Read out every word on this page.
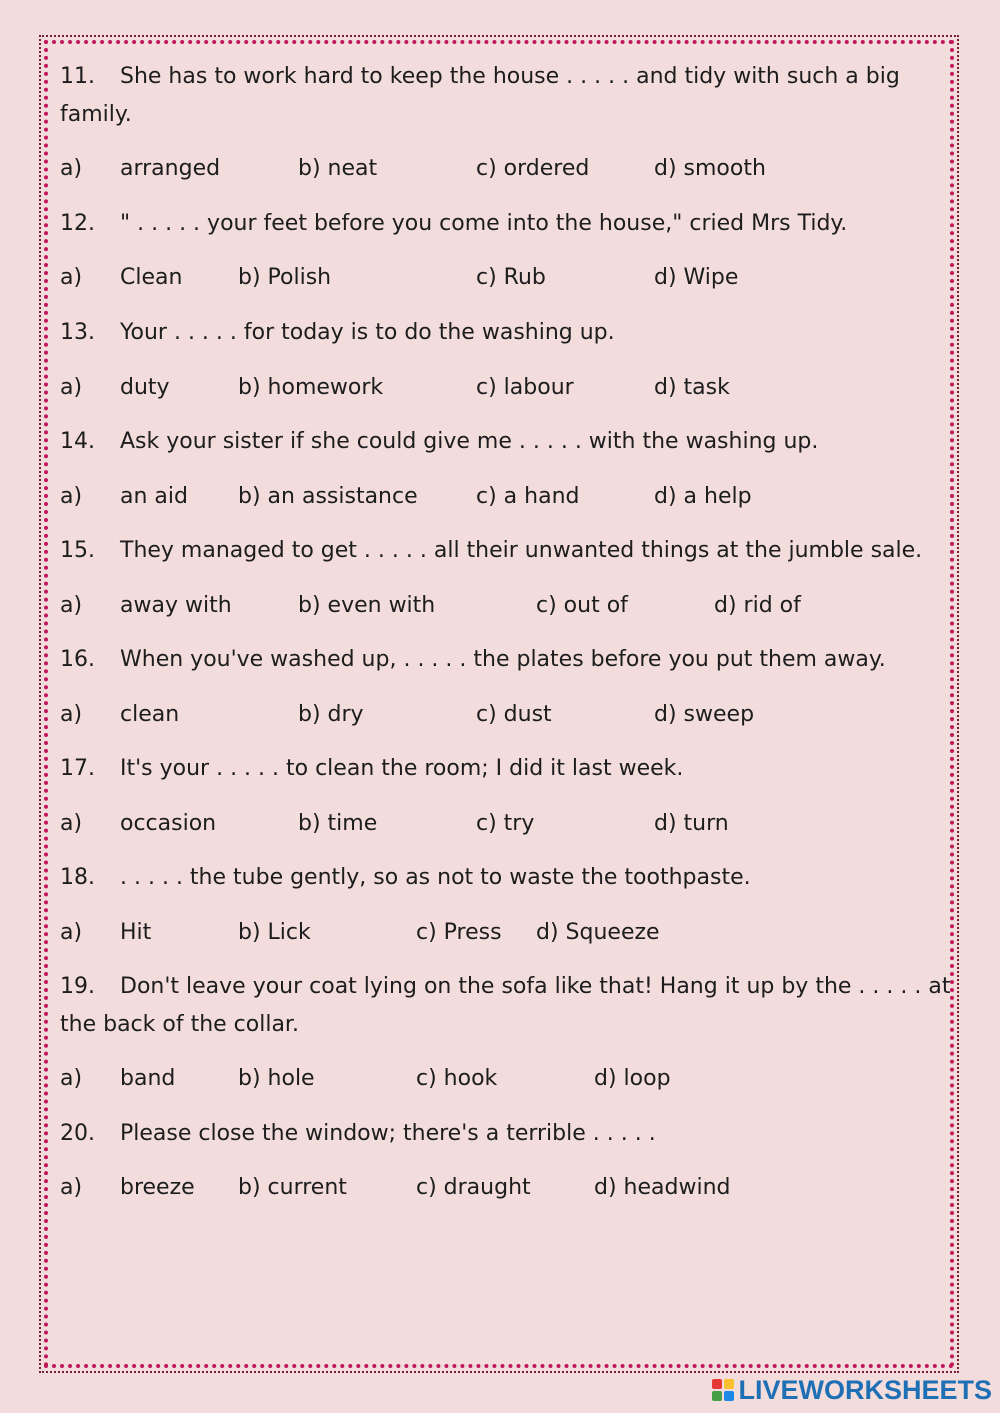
11. She has to work hard to keep the house . . . . . and tidy with such a big
family.
a) arranged	b) neat	c) ordered	d) smooth
12. " . . . . . your feet before you come into the house," cried Mrs Tidy.
a) Clean	b) Polish	c) Rub	d) Wipe
13. Your . . . . . for today is to do the washing up.
a) duty	b) homework	c) labour	d) task
14. Ask your sister if she could give me . . . . . with the washing up.
a) an aid b) an assistance	c) a hand	d) a help
15. They managed to get . . . . . all their unwanted things at the jumble sale.
a) away with	b) even with	c) out of	d) rid of
16. When you've washed up, . . . . . the plates before you put them away.
a) clean	b) dry	c) dust	d) sweep
17. It's your . . . . . to clean the room; I did it last week.
a) occasion	b) time	c) try	d) turn
18. . . . . . the tube gently, so as not to waste the toothpaste.
a) Hit	b) Lick	c) Press d) Squeeze
19. Don't leave your coat lying on the sofa like that! Hang it up by the . . . . . at
the back of the collar.
a) band	b) hole	c) hook	d) loop
20. Please close the window; there's a terrible . . . . .
a) breeze b) current	c) draught	d) headwind
LIVEWORKSHEETS
